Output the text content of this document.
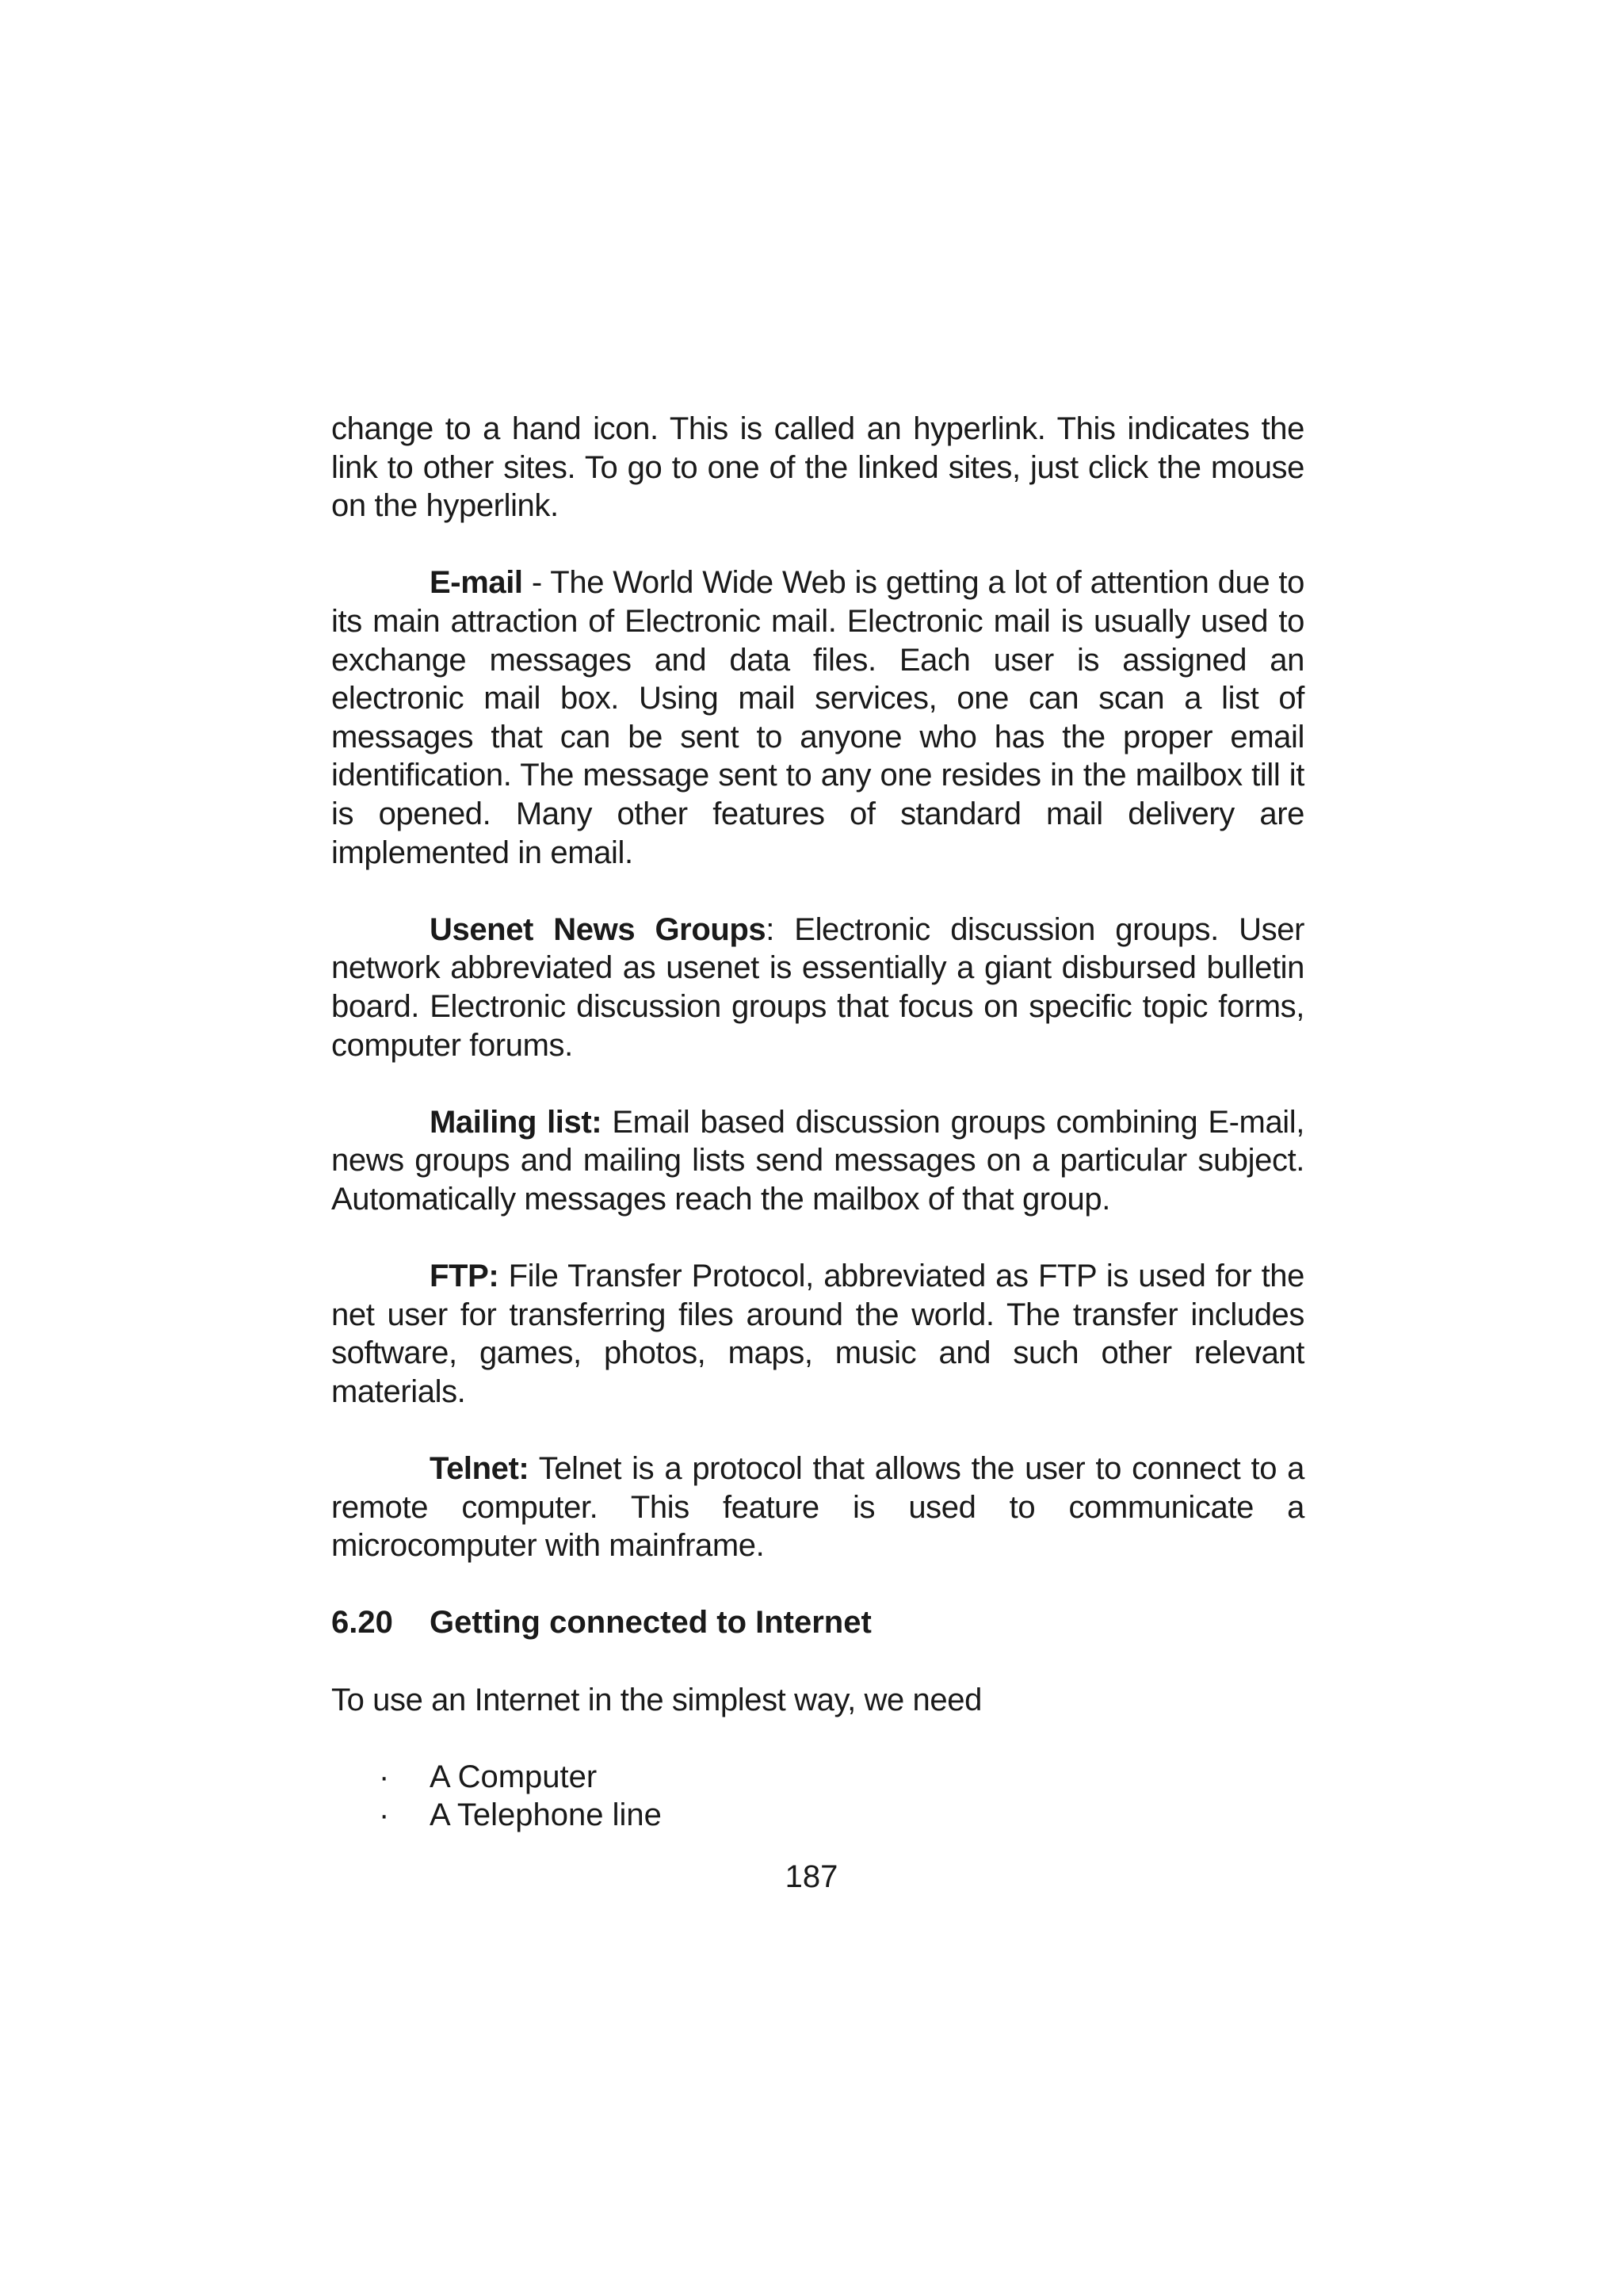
change to a hand icon. This is called an hyperlink. This indicates the link to other sites. To go to one of the linked sites, just click the mouse on the hyperlink.

E-mail - The World Wide Web is getting a lot of attention due to its main attraction of Electronic mail. Electronic mail is usually used to exchange messages and data files. Each user is assigned an electronic mail box. Using mail services, one can scan a list of messages that can be sent to anyone who has the proper email identification. The message sent to any one resides in the mailbox till it is opened. Many other features of standard mail delivery are implemented in email.

Usenet News Groups: Electronic discussion groups. User network abbreviated as usenet is essentially a giant disbursed bulletin board. Electronic discussion groups that focus on specific topic forms, computer forums.

Mailing list: Email based discussion groups combining E-mail, news groups and mailing lists send messages on a particular subject. Automatically messages reach the mailbox of that group.

FTP: File Transfer Protocol, abbreviated as FTP is used for the net user for transferring files around the world. The transfer includes software, games, photos, maps, music and such other relevant materials.

Telnet: Telnet is a protocol that allows the user to connect to a remote computer. This feature is used to communicate a microcomputer with mainframe.

6.20	Getting connected to Internet

To use an Internet in the simplest way, we need

·	A Computer
·	A Telephone line
187
